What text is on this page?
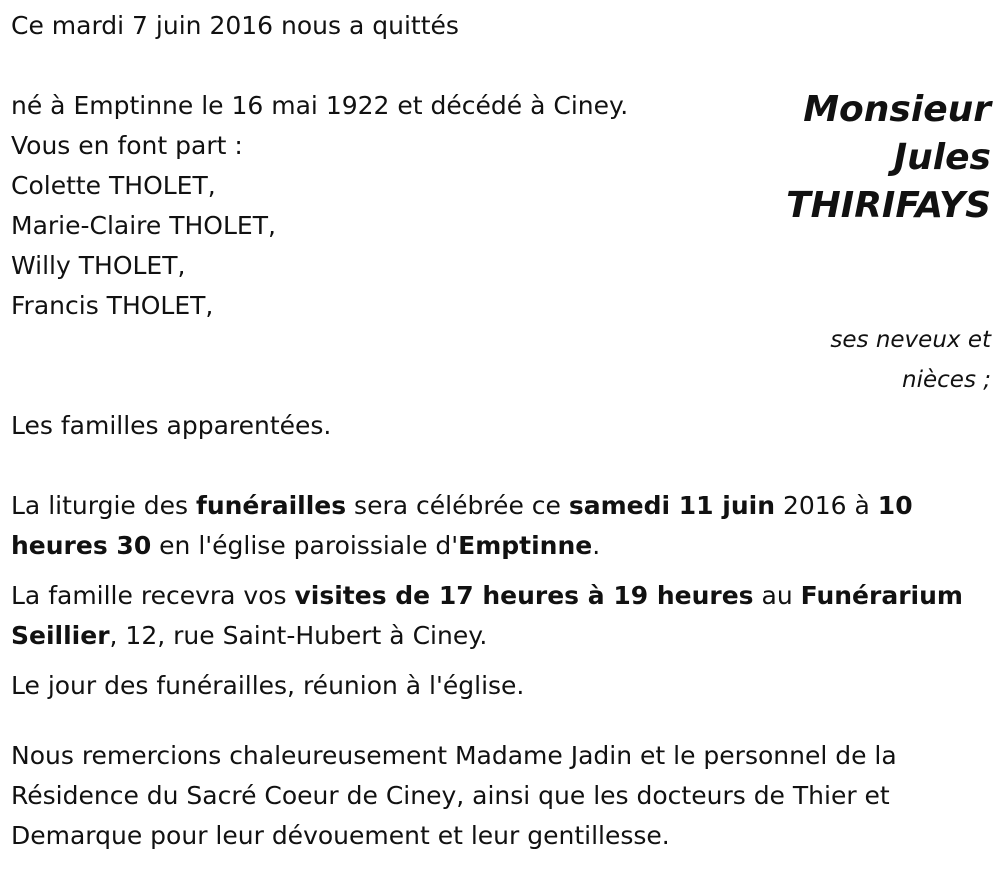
Ce mardi 7 juin 2016 nous a quittés
né à Emptinne le 16 mai 1922 et décédé à Ciney.
Vous en font part :
Colette THOLET,
Marie-Claire THOLET,
Willy THOLET,
Francis THOLET,
Les familles apparentées.
La liturgie des funérailles sera célébrée ce samedi 11 juin 2016 à 10 heures 30 en l'église paroissiale d'Emptinne.
La famille recevra vos visites de 17 heures à 19 heures au Funérarium Seillier, 12, rue Saint-Hubert à Ciney.
Le jour des funérailles, réunion à l'église.
Nous remercions chaleureusement Madame Jadin et le personnel de la Résidence du Sacré Coeur de Ciney, ainsi que les docteurs de Thier et Demarque pour leur dévouement et leur gentillesse.
Monsieur
Jules
THIRIFAYS
ses neveux et
nièces ;
